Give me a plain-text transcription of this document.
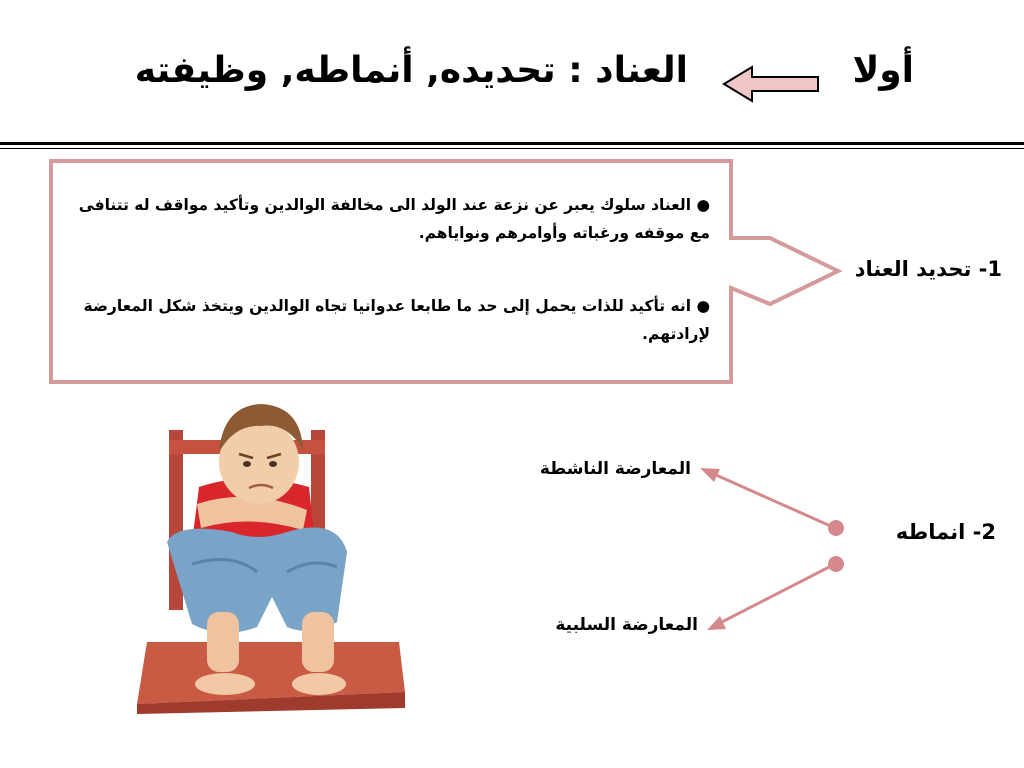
أولا
العناد : تحديده, أنماطه, وظيفته
● العناد سلوك يعبر عن نزعة عند الولد الى مخالفة الوالدين وتأكيد مواقف له تتنافى مع موقفه ورغباته وأوامرهم ونواياهم.
● انه تأكيد للذات يحمل إلى حد ما طابعا عدوانيا تجاه الوالدين ويتخذ شكل المعارضة لإرادتهم.
1- تحديد العناد
2- انماطه
المعارضة الناشطة
المعارضة السلبية
